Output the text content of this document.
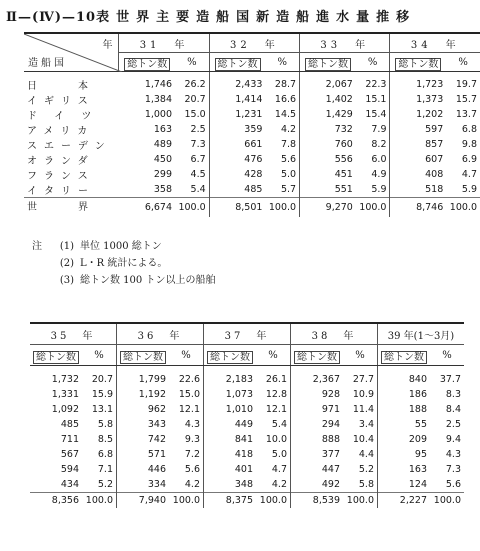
Ⅱ—(Ⅳ)—10表 世界主要造船国新造船進水量推移
年
造船国	31　年		32　年		33　年		34　年	
	総トン数	%	総トン数	%	総トン数	%	総トン数	%
日　　本	1,746	26.2	2,433	28.7	2,067	22.3	1,723	19.7
イギリス	1,384	20.7	1,414	16.6	1,402	15.1	1,373	15.7
ド イ ツ	1,000	15.0	1,231	14.5	1,429	15.4	1,202	13.7
アメリカ	163	2.5	359	4.2	732	7.9	597	6.8
スエーデン	489	7.3	661	7.8	760	8.2	857	9.8
オランダ	450	6.7	476	5.6	556	6.0	607	6.9
フランス	299	4.5	428	5.0	451	4.9	408	4.7
イタリー	358	5.4	485	5.7	551	5.9	518	5.9
世　　界	6,674	100.0	8,501	100.0	9,270	100.0	8,746	100.0
注	(1) 単位 1000 総トン
(2) L・R 統計による。
(3) 総トン数 100 トン以上の船舶
35　年		36　年		37　年		38　年		39 年(1〜3月)	
総トン数	%	総トン数	%	総トン数	%	総トン数	%	総トン数	%
1,732	20.7	1,799	22.6	2,183	26.1	2,367	27.7	840	37.7
1,331	15.9	1,192	15.0	1,073	12.8	928	10.9	186	8.3
1,092	13.1	962	12.1	1,010	12.1	971	11.4	188	8.4
485	5.8	343	4.3	449	5.4	294	3.4	55	2.5
711	8.5	742	9.3	841	10.0	888	10.4	209	9.4
567	6.8	571	7.2	418	5.0	377	4.4	95	4.3
594	7.1	446	5.6	401	4.7	447	5.2	163	7.3
434	5.2	334	4.2	348	4.2	492	5.8	124	5.6
8,356	100.0	7,940	100.0	8,375	100.0	8,539	100.0	2,227	100.0
